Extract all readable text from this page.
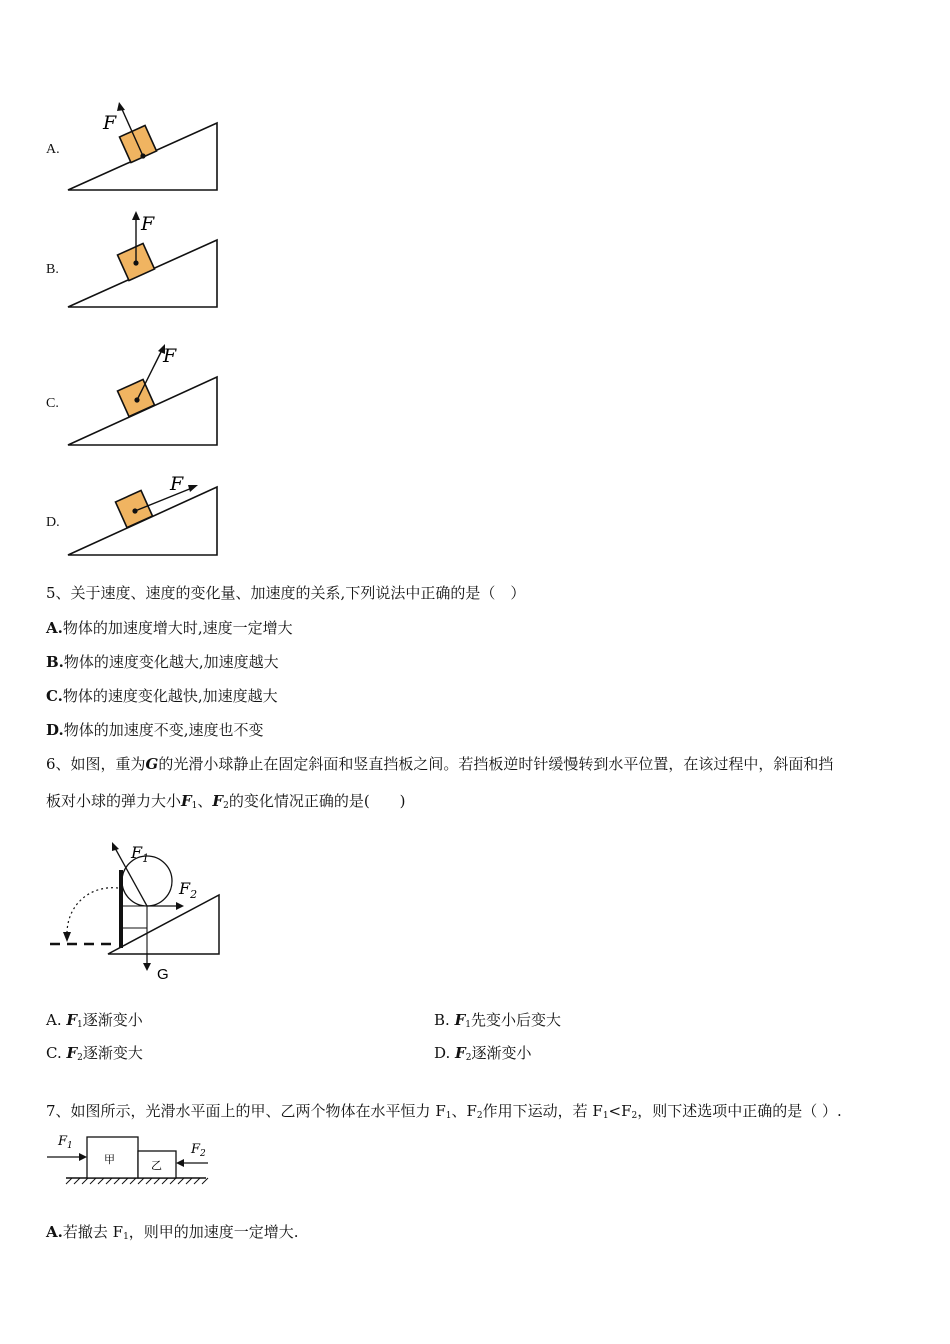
A.
F
B.
F
C.
F
D.
F
5、关于速度、速度的变化量、加速度的关系,下列说法中正确的是（　）
A.物体的加速度增大时,速度一定增大
B.物体的速度变化越大,加速度越大
C.物体的速度变化越快,加速度越大
D.物体的加速度不变,速度也不变
6、如图，重为G的光滑小球静止在固定斜面和竖直挡板之间。若挡板逆时针缓慢转到水平位置，在该过程中，斜面和挡
板对小球的弹力大小$F_1$、$F_2$的变化情况正确的是(　　)
$F_1$
$F_2$
G
A. $F_1$逐渐变小	B. $F_1$先变小后变大
C. $F_2$逐渐变大	D. $F_2$逐渐变小
7、如图所示，光滑水平面上的甲、乙两个物体在水平恒力 $F_1$、$F_2$作用下运动，若 $F_1<F_2$，则下述选项中正确的是（ ）.
甲	乙
$F_1$	$F_2$
A.若撤去 $F_1$，则甲的加速度一定增大.
